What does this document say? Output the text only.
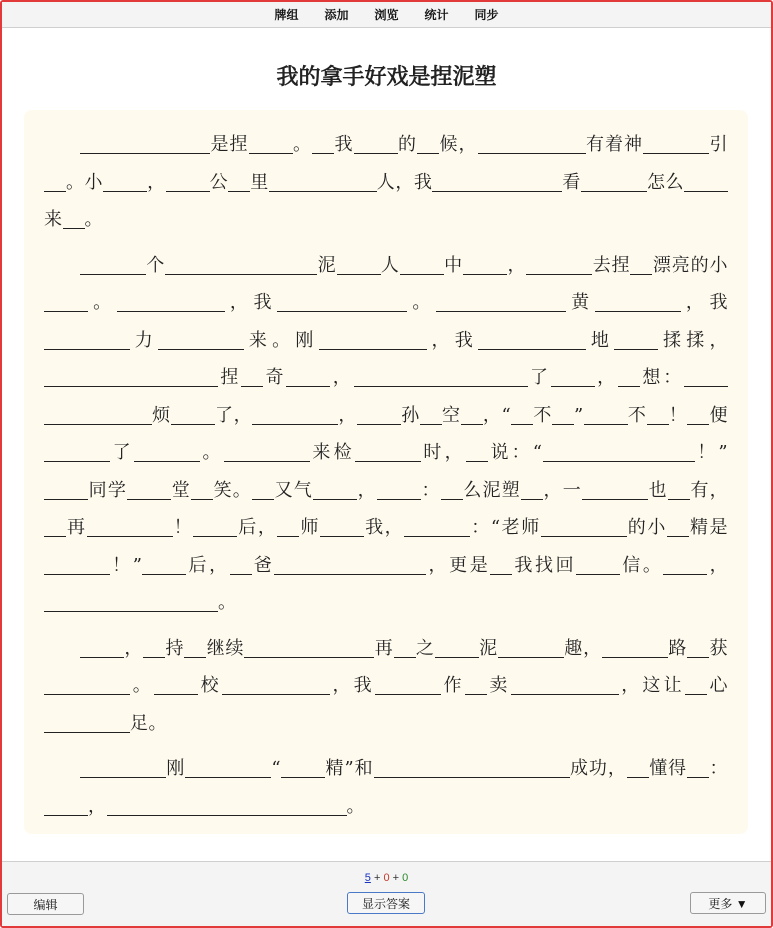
牌组	添加	浏览	统计	同步
我的拿手好戏是捏泥塑

是捏 。 我 的 候，	有着神	引。小 ， 公 里	人，我	看	怎么来 。

个	泥 人 中 ，	去捏 漂亮的小。	，我	。	黄	，我力	来。刚	，我	地 揉揉，捏 奇 ，	了 ， 想：烦 了，	， 孙 空 ，“ 不 ” 不 ！ 便了	。	来检	时， 说：“	！”同学 堂 笑。 又气 ， ： 么泥塑 ，一	也 有，再	！ 后， 师 我，	：“老师	的小 精是！” 后， 爸	，更是 我找回 信。 ，。

， 持 继续	再 之 泥	趣，	路 获。 校	，我	作 卖	，这让 心足。

刚	“ 精”和	成功， 懂得 ：，	。

5 + 0 + 0
编辑	显示答案	更多 ▼
